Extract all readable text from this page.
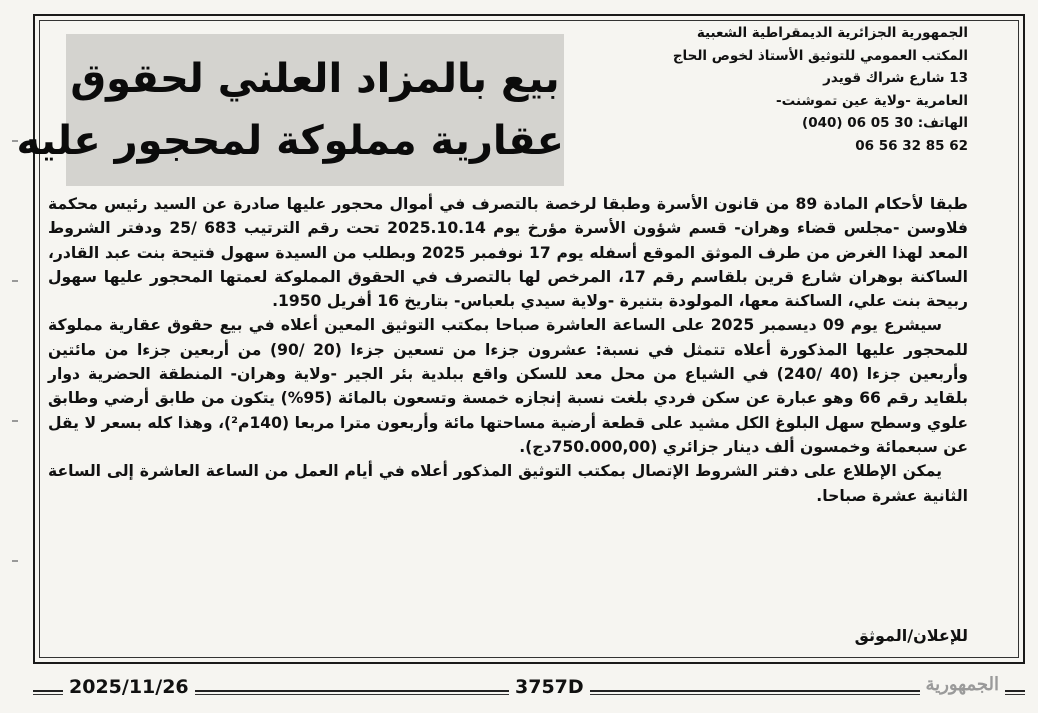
الجمهورية الجزائرية الديمقراطية الشعبية
المكتب العمومي للتوثيق الأستاذ لخوص الحاج
13 شارع شراك قويدر
العامرية -ولاية عين تموشنت-
الهاتف: 30 05 06 (040)
06 56 32 85 62
بيع بالمزاد العلني لحقوق
عقارية مملوكة لمحجور عليه

طبقا لأحكام المادة 89 من قانون الأسرة وطبقا لرخصة بالتصرف في أموال محجور عليها صادرة عن السيد رئيس محكمة فلاوسن -مجلس قضاء وهران- قسم شؤون الأسرة مؤرخ يوم 2025.10.14 تحت رقم الترتيب 683 /25 ودفتر الشروط المعد لهذا الغرض من طرف الموثق الموقع أسفله يوم 17 نوفمبر 2025 وبطلب من السيدة سهول فتيحة بنت عبد القادر، الساكنة بوهران شارع قرين بلقاسم رقم 17، المرخص لها بالتصرف في الحقوق المملوكة لعمتها المحجور عليها سهول ربيحة بنت علي، الساكنة معها، المولودة بتنيرة -ولاية سيدي بلعباس- بتاريخ 16 أفريل 1950.

سيشرع يوم 09 ديسمبر 2025 على الساعة العاشرة صباحا بمكتب التوثيق المعين أعلاه في بيع حقوق عقارية مملوكة للمحجور عليها المذكورة أعلاه تتمثل في نسبة: عشرون جزءا من تسعين جزءا (20 /90) من أربعين جزءا من مائتين وأربعين جزءا (40 /240) في الشياع من محل معد للسكن واقع ببلدية بئر الجير -ولاية وهران- المنطقة الحضرية دوار بلقايد رقم 66 وهو عبارة عن سكن فردي بلغت نسبة إنجازه خمسة وتسعون بالمائة (95%) يتكون من طابق أرضي وطابق علوي وسطح سهل البلوغ الكل مشيد على قطعة أرضية مساحتها مائة وأربعون مترا مربعا (140م²)، وهذا كله بسعر لا يقل عن سبعمائة وخمسون ألف دينار جزائري (750.000,00دج).

يمكن الإطلاع على دفتر الشروط الإتصال بمكتب التوثيق المذكور أعلاه في أيام العمل من الساعة العاشرة إلى الساعة الثانية عشرة صباحا.

للإعلان/الموثق
2025/11/26	3757D	الجمهورية
